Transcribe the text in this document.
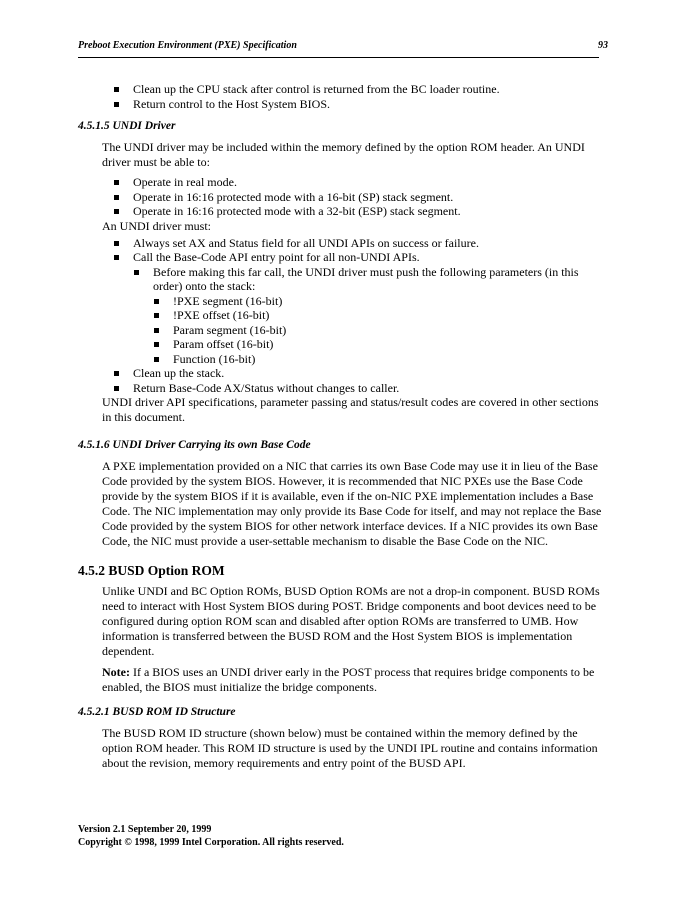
Preboot Execution Environment (PXE) Specification	93
Clean up the CPU stack after control is returned from the BC loader routine.
Return control to the Host System BIOS.
4.5.1.5 UNDI Driver

The UNDI driver may be included within the memory defined by the option ROM header. An UNDI driver must be able to:

Operate in real mode.
Operate in 16:16 protected mode with a 16-bit (SP) stack segment.
Operate in 16:16 protected mode with a 32-bit (ESP) stack segment.

An UNDI driver must:

Always set AX and Status field for all UNDI APIs on success or failure.
Call the Base-Code API entry point for all non-UNDI APIs.
Before making this far call, the UNDI driver must push the following parameters (in this order) onto the stack:
!PXE segment (16-bit)
!PXE offset (16-bit)
Param segment (16-bit)
Param offset (16-bit)
Function (16-bit)
Clean up the stack.
Return Base-Code AX/Status without changes to caller.

UNDI driver API specifications, parameter passing and status/result codes are covered in other sections in this document.

4.5.1.6 UNDI Driver Carrying its own Base Code

A PXE implementation provided on a NIC that carries its own Base Code may use it in lieu of the Base Code provided by the system BIOS. However, it is recommended that NIC PXEs use the Base Code provide by the system BIOS if it is available, even if the on-NIC PXE implementation includes a Base Code. The NIC implementation may only provide its Base Code for itself, and may not replace the Base Code provided by the system BIOS for other network interface devices. If a NIC provides its own Base Code, the NIC must provide a user-settable mechanism to disable the Base Code on the NIC.

4.5.2 BUSD Option ROM

Unlike UNDI and BC Option ROMs, BUSD Option ROMs are not a drop-in component. BUSD ROMs need to interact with Host System BIOS during POST. Bridge components and boot devices need to be configured during option ROM scan and disabled after option ROMs are transferred to UMB. How information is transferred between the BUSD ROM and the Host System BIOS is implementation dependent.

Note: If a BIOS uses an UNDI driver early in the POST process that requires bridge components to be enabled, the BIOS must initialize the bridge components.

4.5.2.1 BUSD ROM ID Structure

The BUSD ROM ID structure (shown below) must be contained within the memory defined by the option ROM header. This ROM ID structure is used by the UNDI IPL routine and contains information about the revision, memory requirements and entry point of the BUSD API.

Version 2.1 September 20, 1999
Copyright © 1998, 1999 Intel Corporation. All rights reserved.
